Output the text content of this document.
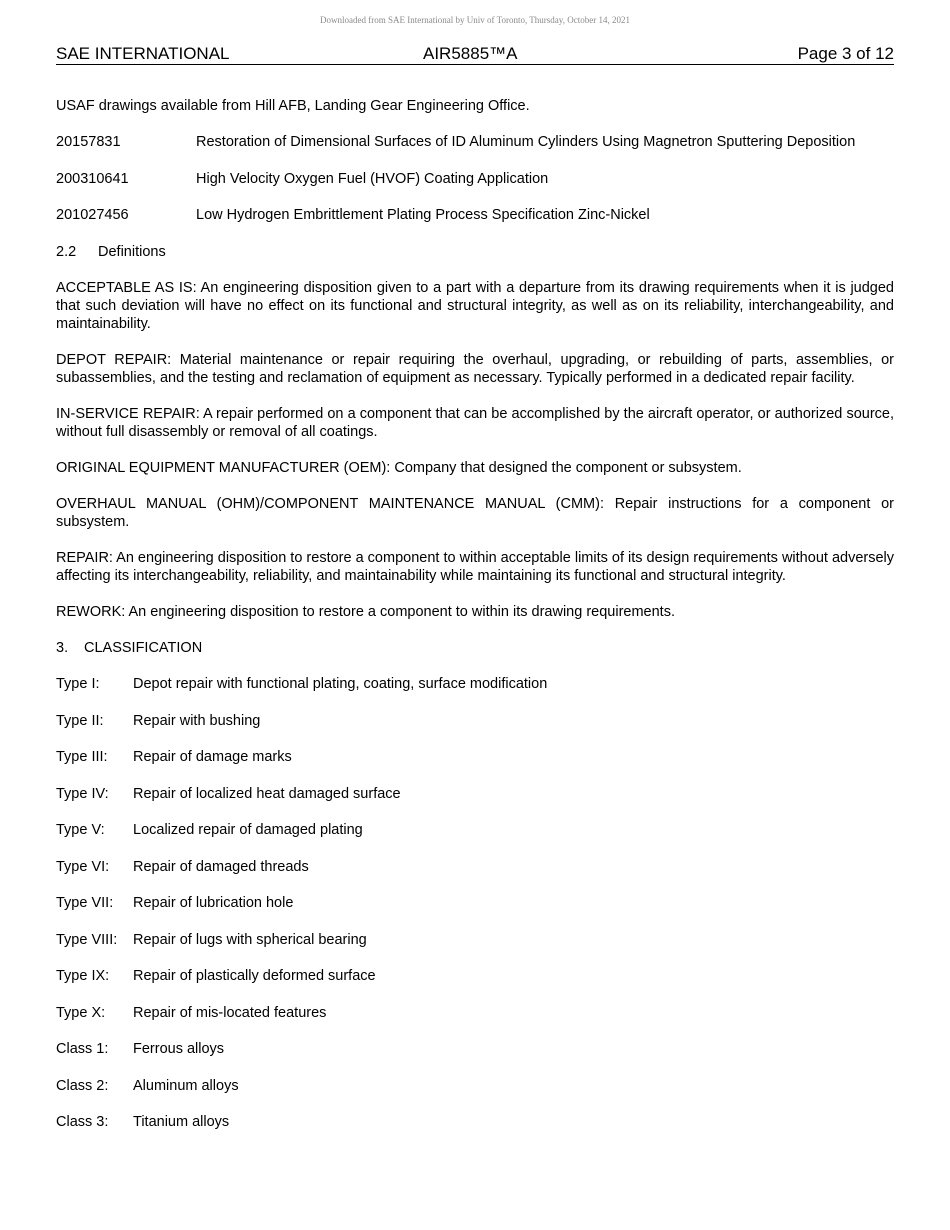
Downloaded from SAE International by Univ of Toronto, Thursday, October 14, 2021
SAE INTERNATIONAL	AIR5885™A	Page 3 of 12

USAF drawings available from Hill AFB, Landing Gear Engineering Office.

20157831	Restoration of Dimensional Surfaces of ID Aluminum Cylinders Using Magnetron Sputtering Deposition
200310641	High Velocity Oxygen Fuel (HVOF) Coating Application
201027456	Low Hydrogen Embrittlement Plating Process Specification Zinc-Nickel

2.2 Definitions

ACCEPTABLE AS IS: An engineering disposition given to a part with a departure from its drawing requirements when it is judged that such deviation will have no effect on its functional and structural integrity, as well as on its reliability, interchangeability, and maintainability.

DEPOT REPAIR: Material maintenance or repair requiring the overhaul, upgrading, or rebuilding of parts, assemblies, or subassemblies, and the testing and reclamation of equipment as necessary. Typically performed in a dedicated repair facility.

IN-SERVICE REPAIR: A repair performed on a component that can be accomplished by the aircraft operator, or authorized source, without full disassembly or removal of all coatings.

ORIGINAL EQUIPMENT MANUFACTURER (OEM): Company that designed the component or subsystem.

OVERHAUL MANUAL (OHM)/COMPONENT MAINTENANCE MANUAL (CMM): Repair instructions for a component or subsystem.

REPAIR: An engineering disposition to restore a component to within acceptable limits of its design requirements without adversely affecting its interchangeability, reliability, and maintainability while maintaining its functional and structural integrity.

REWORK: An engineering disposition to restore a component to within its drawing requirements.

3. CLASSIFICATION

Type I:	Depot repair with functional plating, coating, surface modification
Type II:	Repair with bushing
Type III:	Repair of damage marks
Type IV:	Repair of localized heat damaged surface
Type V:	Localized repair of damaged plating
Type VI:	Repair of damaged threads
Type VII:	Repair of lubrication hole
Type VIII:	Repair of lugs with spherical bearing
Type IX:	Repair of plastically deformed surface
Type X:	Repair of mis-located features
Class 1:	Ferrous alloys
Class 2:	Aluminum alloys
Class 3:	Titanium alloys
